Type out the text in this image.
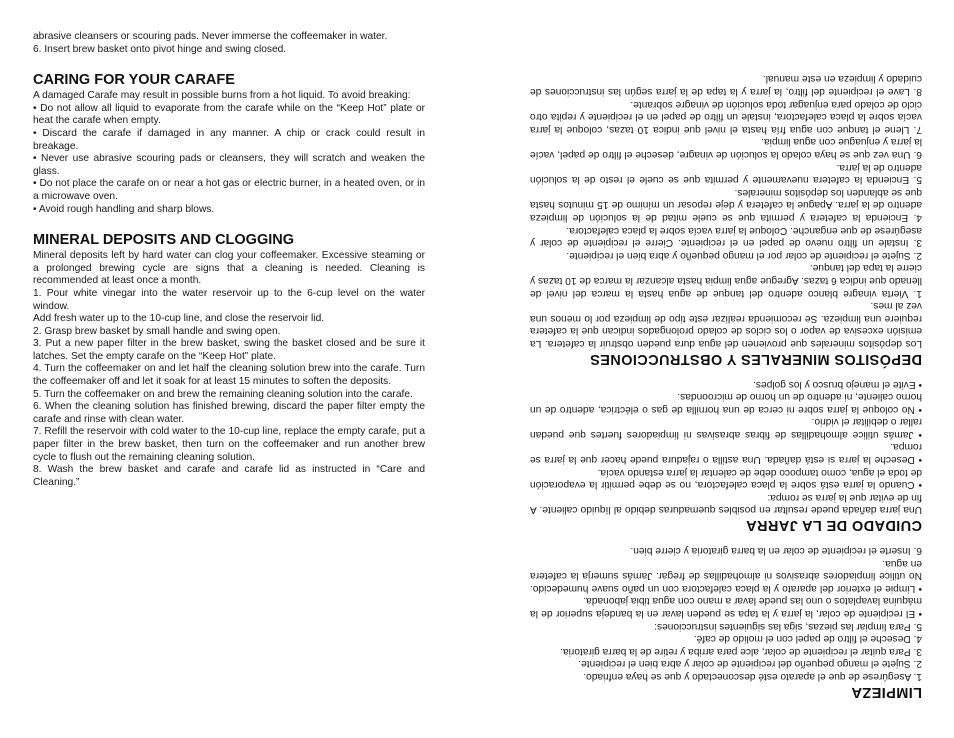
abrasive cleansers or scouring pads. Never immerse the coffeemaker in water.

6. Insert brew basket onto pivot hinge and swing closed.

CARING FOR YOUR CARAFE

A damaged Carafe may result in possible burns from a hot liquid. To avoid breaking:

• Do not allow all liquid to evaporate from the carafe while on the “Keep Hot” plate or heat the carafe when empty.

• Discard the carafe if damaged in any manner. A chip or crack could result in breakage.

• Never use abrasive scouring pads or cleansers, they will scratch and weaken the glass.

• Do not place the carafe on or near a hot gas or electric burner, in a heated oven, or in a microwave oven.

• Avoid rough handling and sharp blows.

MINERAL DEPOSITS AND CLOGGING

Mineral deposits left by hard water can clog your coffeemaker. Excessive steaming or a prolonged brewing cycle are signs that a cleaning is needed. Cleaning is recommended at least once a month.

1. Pour white vinegar into the water reservoir up to the 6-cup level on the water window.

Add fresh water up to the 10-cup line, and close the reservoir lid.

2. Grasp brew basket by small handle and swing open.

3. Put a new paper filter in the brew basket, swing the basket closed and be sure it latches. Set the empty carafe on the “Keep Hot” plate.

4. Turn the coffeemaker on and let half the cleaning solution brew into the carafe. Turn the coffeemaker off and let it soak for at least 15 minutes to soften the deposits.

5. Turn the coffeemaker on and brew the remaining cleaning solution into the carafe.

6. When the cleaning solution has finished brewing, discard the paper filter empty the carafe and rinse with clean water.

7. Refill the reservoir with cold water to the 10-cup line, replace the empty carafe, put a paper filter in the brew basket, then turn on the coffeemaker and run another brew cycle to flush out the remaining cleaning solution.

8. Wash the brew basket and carafe and carafe lid as instructed in “Care and Cleaning.”

LIMPIEZA

1. Asegúrese de que el aparato esté desconectado y que se haya enfriado.

2. Sujete el mango pequeño del recipiente de colar y abra bien el recipiente.

3. Para quitar el recipiente de colar, alce para arriba y retire de la barra giratoria.

4. Deseche el filtro de papel con el molido de café.

5. Para limpiar las piezas, siga las siguientes instrucciones:

• El recipiente de colar, la jarra y la tapa se pueden lavar en la bandeja superior de la máquina lavaplatos o uno las puede lavar a mano con agua tibia jabonada.

• Limpie el exterior del aparato y la placa calefactora con un paño suave humedecido. No utilice limpiadores abrasivos ni almohadillas de fregar. Jamás sumerja la cafetera en agua.

6. Inserte el recipiente de colar en la barra giratoria y cierre bien.

CUIDADO DE LA JARRA

Una jarra dañada puede resultar en posibles quemaduras debido al líquido caliente. A fin de evitar que la jarra se rompa:

• Cuando la jarra está sobre la placa calefactora, no se debe permitir la evaporación de toda el agua, como tampoco debe de calentar la jarra estando vacía.

• Deseche la jarra si está dañada. Una astilla o rajadura puede hacer que la jarra se rompa.

• Jamás utilice almohadillas de fibras abrasivas ni limpiadores fuertes que puedan rallar o debilitar el vidrio.

• No coloque la jarra sobre ni cerca de una hornilla de gas o eléctrica, adentro de un horno caliente, ni adentro de un horno de microondas.

• Evite el manejo brusco y los golpes.

DEPÓSITOS MINERALES Y OBSTRUCCIONES

Los depósitos minerales que provienen del agua dura pueden obstruir la cafetera. La emisión excesiva de vapor o los ciclos de colado prolongados indican que la cafetera requiere una limpieza. Se recomienda realizar este tipo de limpieza por lo menos una vez al mes.

1. Vierta vinagre blanco adentro del tanque de agua hasta la marca del nivel de llenado que indica 6 tazas. Agregue agua limpia hasta alcanzar la marca de 10 tazas y cierre la tapa del tanque.

2. Sujete el recipiente de colar por el mango pequeño y abra bien el recipiente.

3. Instale un filtro nuevo de papel en el recipiente. Cierre el recipiente de colar y asegúrese de que enganche. Coloque la jarra vacía sobre la placa calefactora.

4. Encienda la cafetera y permita que se cuele mitad de la solución de limpieza adentro de la jarra. Apague la cafetera y deje reposar un mínimo de 15 minutos hasta que se ablanden los depósitos minerales.

5. Encienda la cafetera nuevamente y permita que se cuele el resto de la solución adentro de la jarra.

6. Una vez que se haya colado la solución de vinagre, deseche el filtro de papel, vacíe la jarra y enjuague con agua limpia.

7. Llene el tanque con agua fría hasta el nivel que indica 10 tazas, coloque la jarra vacía sobre la placa calefactora, instale un filtro de papel en el recipiente y repita otro ciclo de colado para enjuagar toda solución de vinagre sobrante.

8. Lave el recipiente del filtro, la jarra y la tapa de la jarra según las instrucciones de cuidado y limpieza en este manual.
